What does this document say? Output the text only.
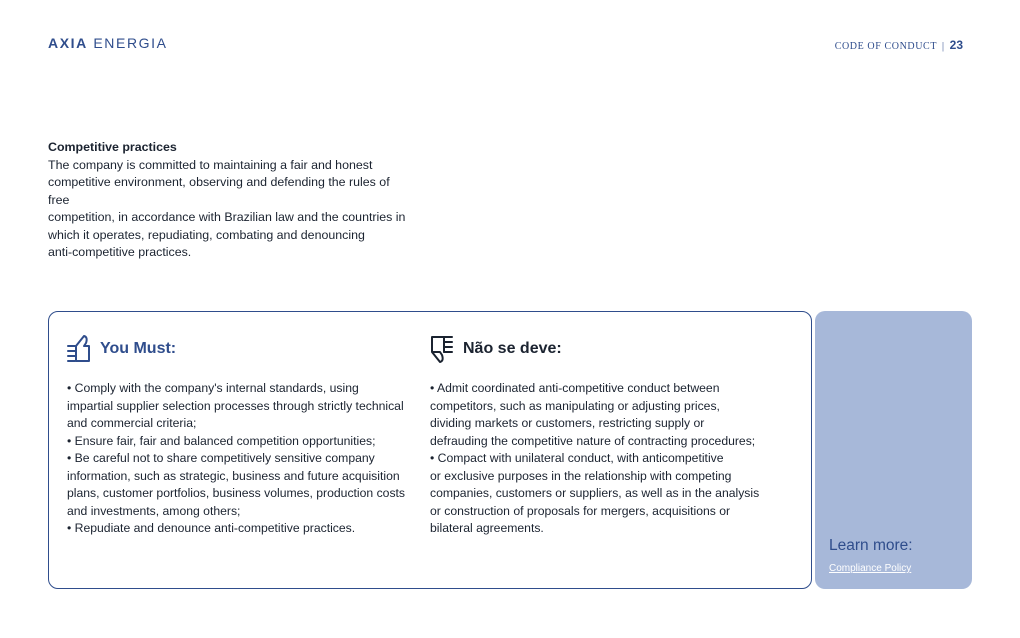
AXIA ENERGIA	CODE OF CONDUCT | 23
Competitive practices

The company is committed to maintaining a fair and honest

competitive environment, observing and defending the rules of free

competition, in accordance with Brazilian law and the countries in

which it operates, repudiating, combating and denouncing

anti-competitive practices.

You Must:
• Comply with the company's internal standards, using
impartial supplier selection processes through strictly technical
and commercial criteria;
• Ensure fair, fair and balanced competition opportunities;
• Be careful not to share competitively sensitive company
information, such as strategic, business and future acquisition
plans, customer portfolios, business volumes, production costs
and investments, among others;
• Repudiate and denounce anti-competitive practices.
Não se deve:
• Admit coordinated anti-competitive conduct between
competitors, such as manipulating or adjusting prices,
dividing markets or customers, restricting supply or
defrauding the competitive nature of contracting procedures;
• Compact with unilateral conduct, with anticompetitive
or exclusive purposes in the relationship with competing
companies, customers or suppliers, as well as in the analysis
or construction of proposals for mergers, acquisitions or
bilateral agreements.
Learn more:
Compliance Policy
